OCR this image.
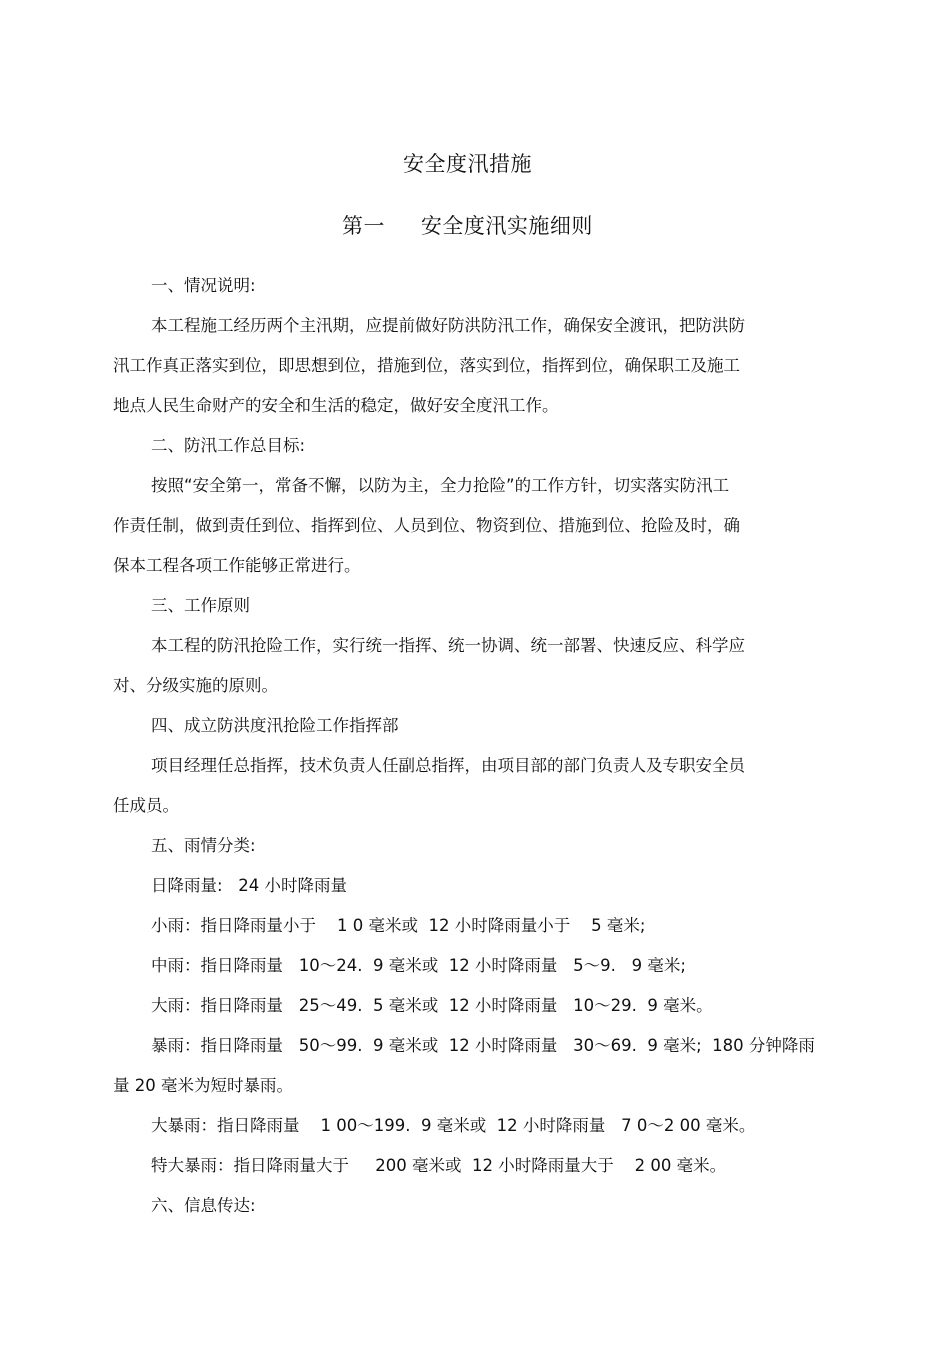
安全度汛措施
第一     安全度汛实施细则
一、情况说明:
本工程施工经历两个主汛期，应提前做好防洪防汛工作，确保安全渡讯，把防洪防
汛工作真正落实到位，即思想到位，措施到位，落实到位，指挥到位，确保职工及施工
地点人民生命财产的安全和生活的稳定，做好安全度汛工作。
二、防汛工作总目标:
按照“安全第一，常备不懈，以防为主，全力抢险”的工作方针，切实落实防汛工
作责任制，做到责任到位、指挥到位、人员到位、物资到位、措施到位、抢险及时，确
保本工程各项工作能够正常进行。
三、工作原则
本工程的防汛抢险工作，实行统一指挥、统一协调、统一部署、快速反应、科学应
对、分级实施的原则。
四、成立防洪度汛抢险工作指挥部
项目经理任总指挥，技术负责人任副总指挥，由项目部的部门负责人及专职安全员
任成员。
五、雨情分类:
日降雨量:   24 小时降雨量
小雨：指日降雨量小于    1 0 毫米或  12 小时降雨量小于    5 毫米;
中雨：指日降雨量   10～24.  9 毫米或  12 小时降雨量   5～9.   9 毫米;
大雨：指日降雨量   25～49.  5 毫米或  12 小时降雨量   10～29.  9 毫米。
暴雨：指日降雨量   50～99.  9 毫米或  12 小时降雨量   30～69.  9 毫米;  180 分钟降雨
量 20 毫米为短时暴雨。
大暴雨：指日降雨量    1 00～199.  9 毫米或  12 小时降雨量   7 0～2 00 毫米。
特大暴雨：指日降雨量大于     200 毫米或  12 小时降雨量大于    2 00 毫米。
六、信息传达:
